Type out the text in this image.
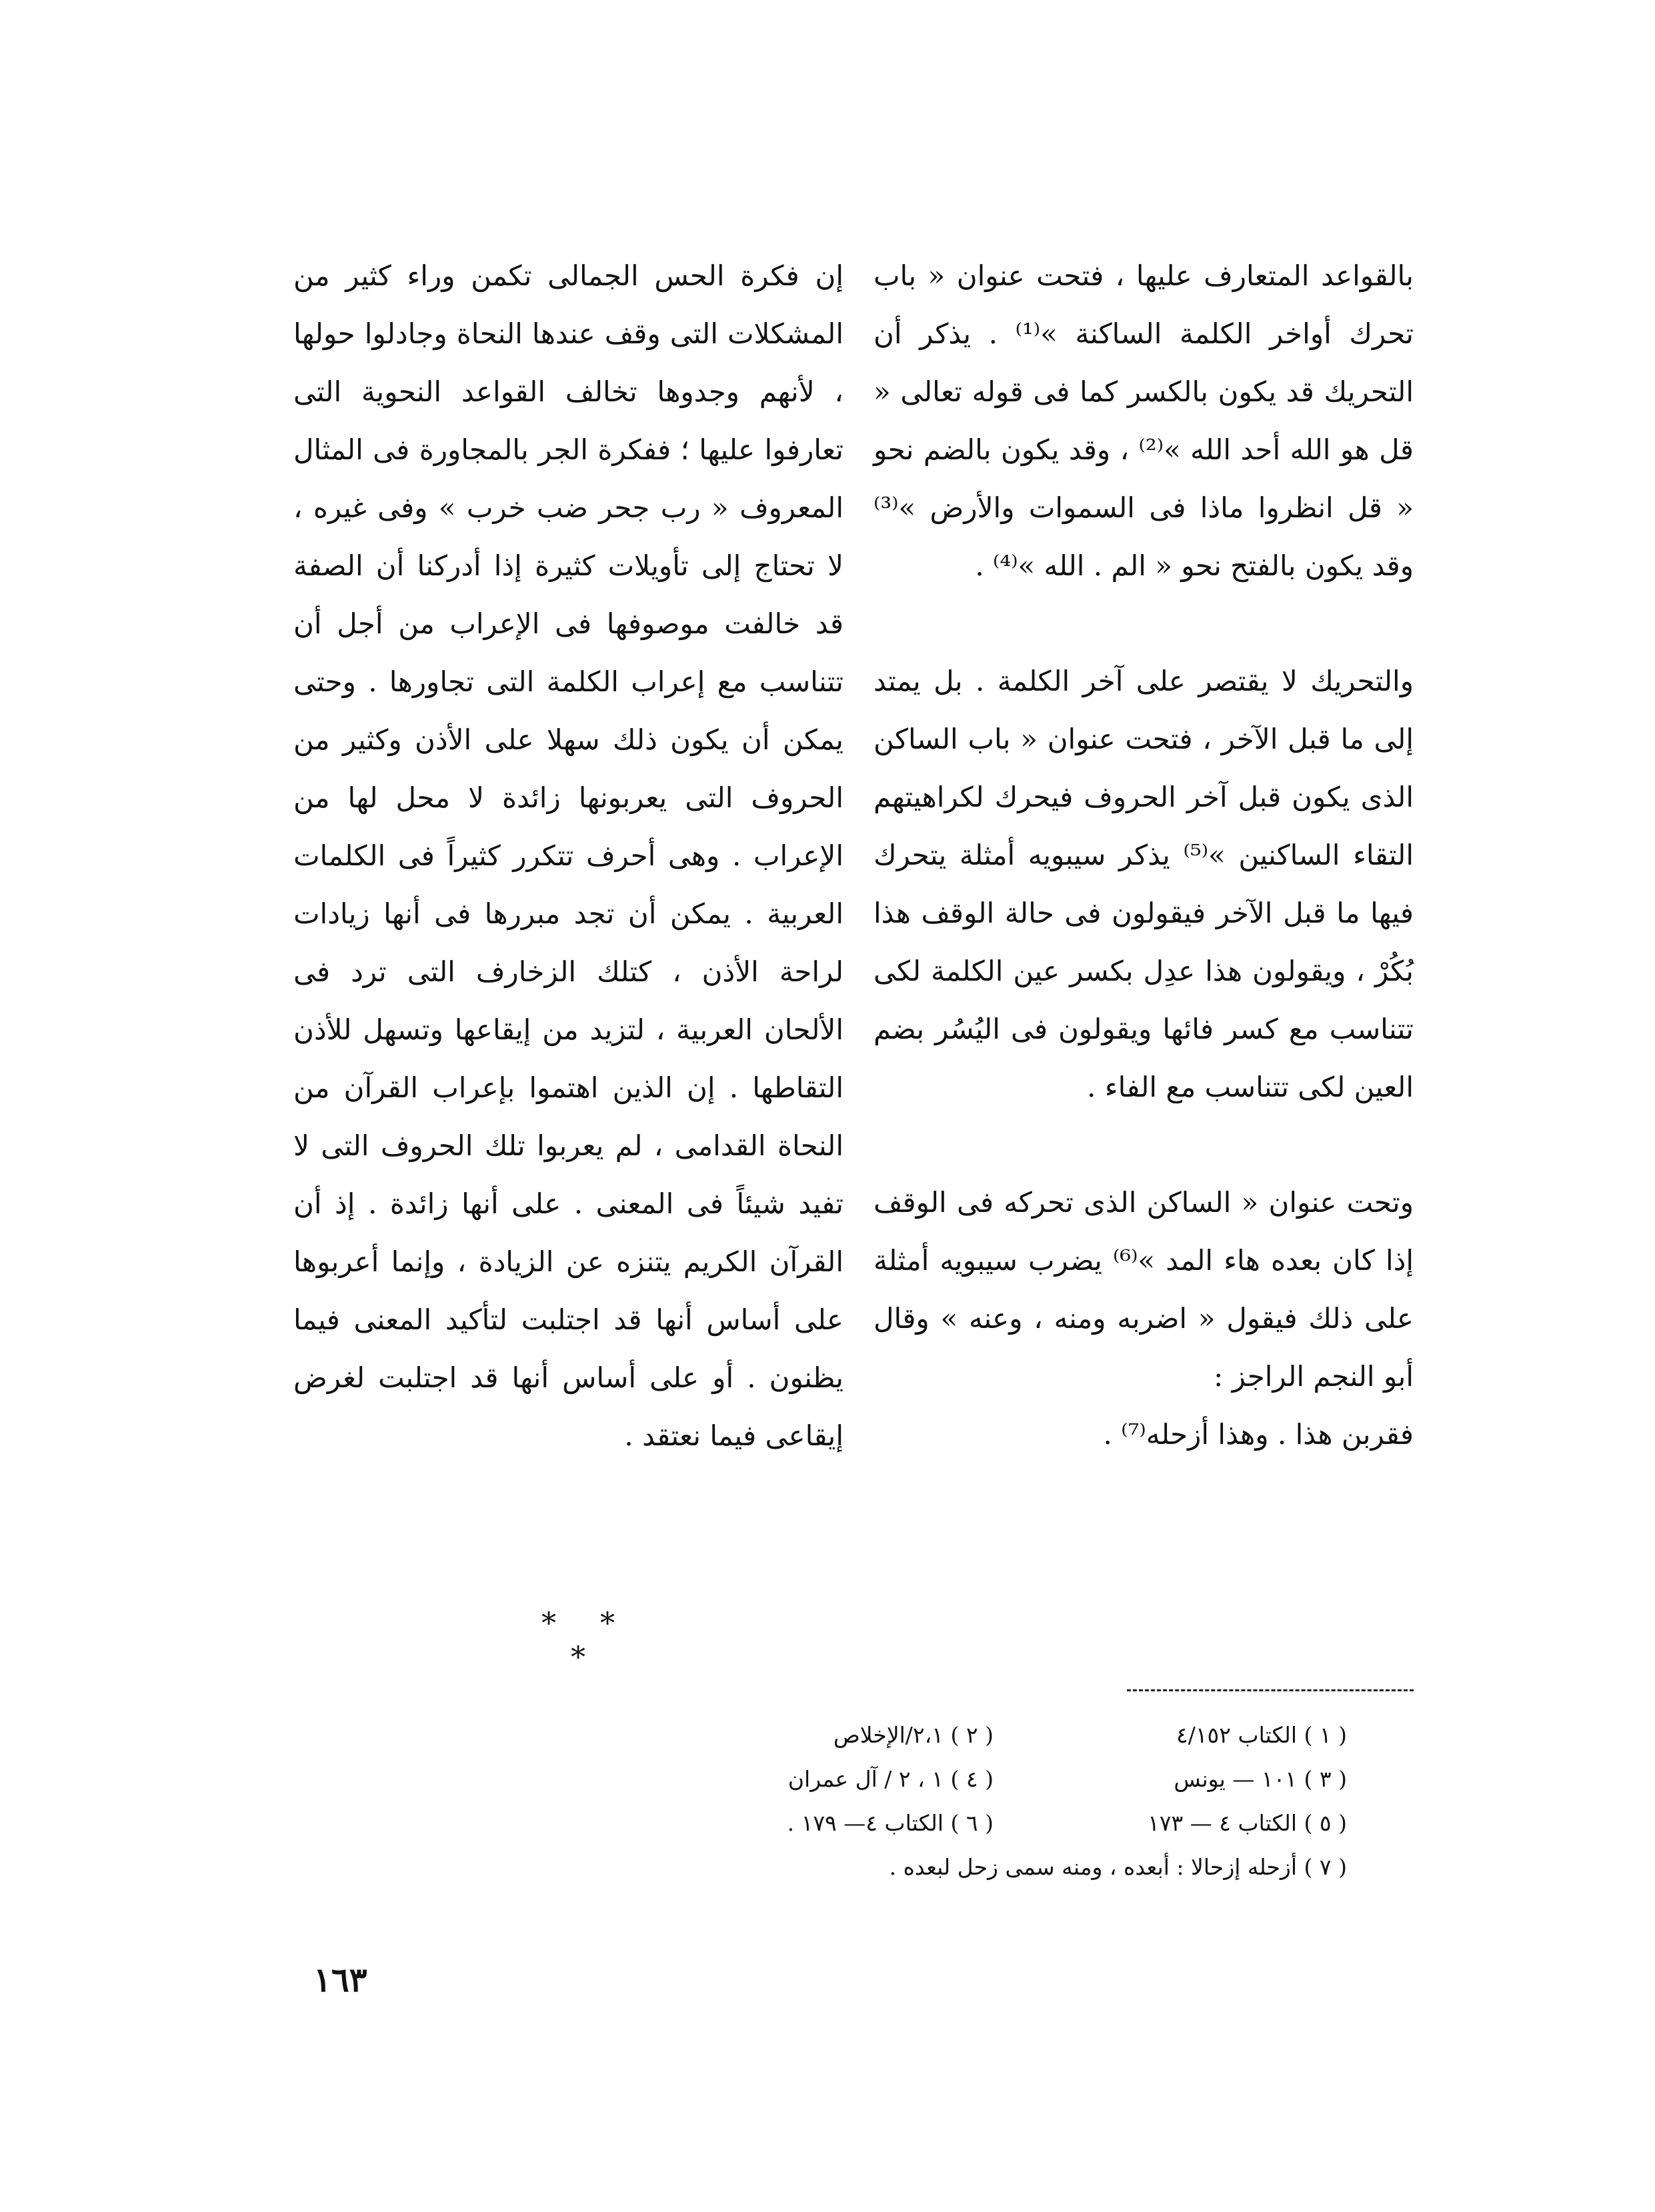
بالقواعد المتعارف عليها ، فتحت عنوان « باب تحرك أواخر الكلمة الساكنة »⁽¹⁾ . يذكر أن التحريك قد يكون بالكسر كما فى قوله تعالى « قل هو الله أحد الله »⁽²⁾ ، وقد يكون بالضم نحو « قل انظروا ماذا فى السموات والأرض »⁽³⁾ وقد يكون بالفتح نحو « الم . الله »⁽⁴⁾ .

والتحريك لا يقتصر على آخر الكلمة . بل يمتد إلى ما قبل الآخر ، فتحت عنوان « باب الساكن الذى يكون قبل آخر الحروف فيحرك لكراهيتهم التقاء الساكنين »⁽⁵⁾ يذكر سيبويه أمثلة يتحرك فيها ما قبل الآخر فيقولون فى حالة الوقف هذا بُكُرْ ، ويقولون هذا عدِل بكسر عين الكلمة لكى تتناسب مع كسر فائها ويقولون فى اليُسُر بضم العين لكى تتناسب مع الفاء .

وتحت عنوان « الساكن الذى تحركه فى الوقف إذا كان بعده هاء المد »⁽⁶⁾ يضرب سيبويه أمثلة على ذلك فيقول « اضربه ومنه ، وعنه » وقال أبو النجم الراجز :

فقربن هذا . وهذا أزحله⁽⁷⁾ .

إن فكرة الحس الجمالى تكمن وراء كثير من المشكلات التى وقف عندها النحاة وجادلوا حولها ، لأنهم وجدوها تخالف القواعد النحوية التى تعارفوا عليها ؛ ففكرة الجر بالمجاورة فى المثال المعروف « رب جحر ضب خرب » وفى غيره ، لا تحتاج إلى تأويلات كثيرة إذا أدركنا أن الصفة قد خالفت موصوفها فى الإعراب من أجل أن تتناسب مع إعراب الكلمة التى تجاورها . وحتى يمكن أن يكون ذلك سهلا على الأذن وكثير من الحروف التى يعربونها زائدة لا محل لها من الإعراب . وهى أحرف تتكرر كثيراً فى الكلمات العربية . يمكن أن تجد مبررها فى أنها زيادات لراحة الأذن ، كتلك الزخارف التى ترد فى الألحان العربية ، لتزيد من إيقاعها وتسهل للأذن التقاطها . إن الذين اهتموا بإعراب القرآن من النحاة القدامى ، لم يعربوا تلك الحروف التى لا تفيد شيئاً فى المعنى . على أنها زائدة . إذ أن القرآن الكريم يتنزه عن الزيادة ، وإنما أعربوها على أساس أنها قد اجتلبت لتأكيد المعنى فيما يظنون . أو على أساس أنها قد اجتلبت لغرض إيقاعى فيما نعتقد .

* * *
( ١ ) الكتاب ٤/١٥٢
( ٢ ) ٢،١/الإخلاص
( ٣ ) ١٠١ — يونس
( ٤ ) ١ ، ٢ / آل عمران
( ٥ ) الكتاب ٤ — ١٧٣
( ٦ ) الكتاب ٤— ١٧٩ .
( ٧ ) أزحله إزحالا : أبعده ، ومنه سمى زحل لبعده .
١٦٣
